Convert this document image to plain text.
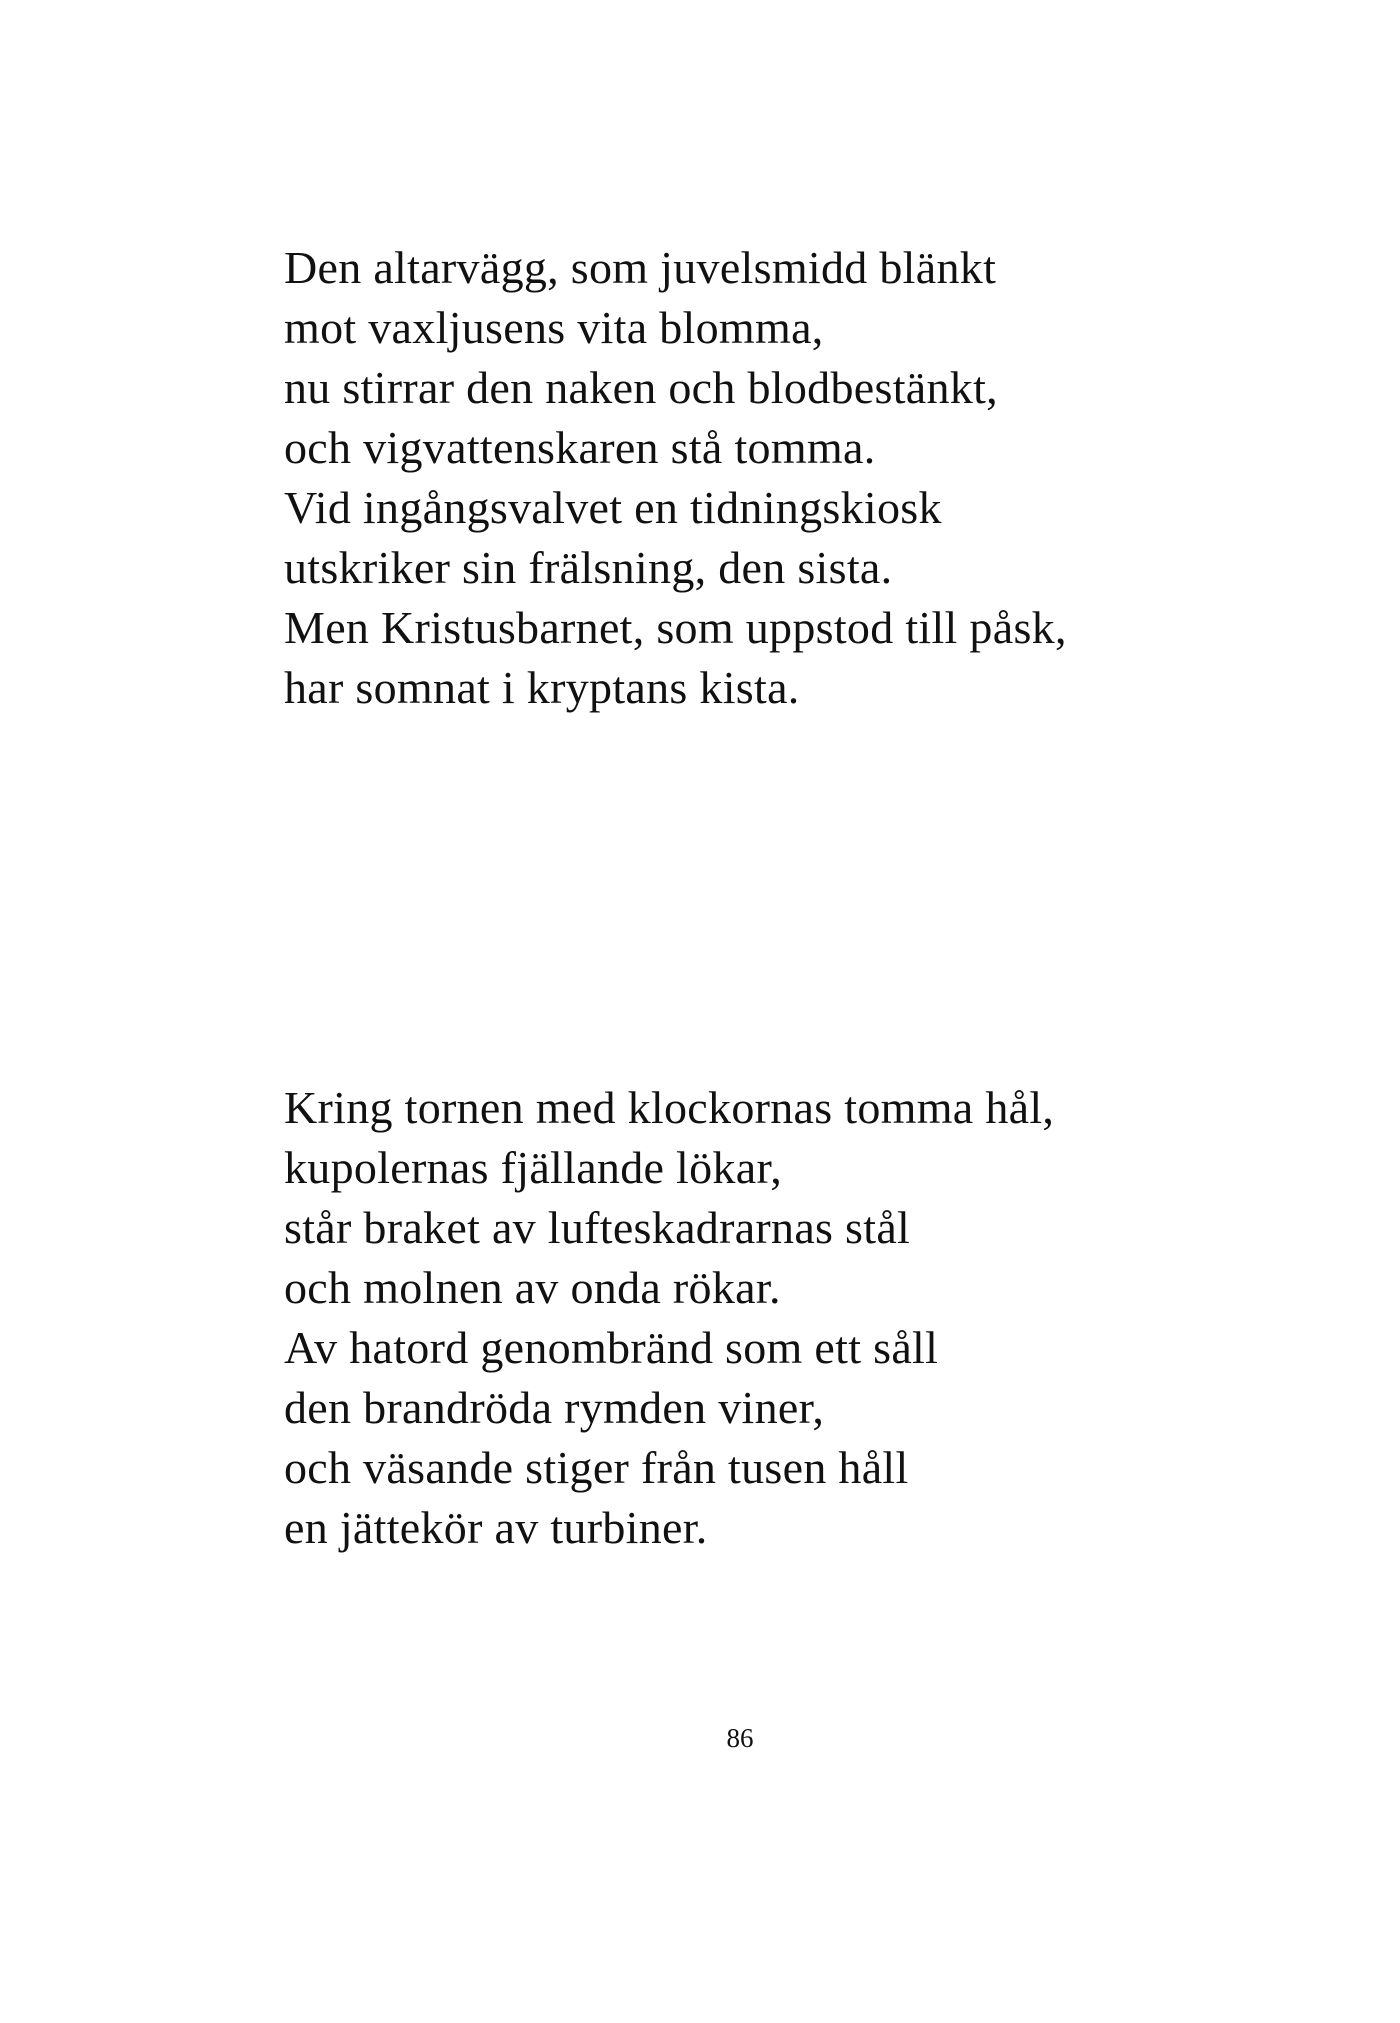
Den altarvägg, som juvelsmidd blänkt
mot vaxljusens vita blomma,
nu stirrar den naken och blodbestänkt,
och vigvattenskaren stå tomma.
Vid ingångsvalvet en tidningskiosk
utskriker sin frälsning, den sista.
Men Kristusbarnet, som uppstod till påsk,
har somnat i kryptans kista.
Kring tornen med klockornas tomma hål,
kupolernas fjällande lökar,
står braket av lufteskadrarnas stål
och molnen av onda rökar.
Av hatord genombränd som ett såll
den brandröda rymden viner,
och väsande stiger från tusen håll
en jättekör av turbiner.
86
